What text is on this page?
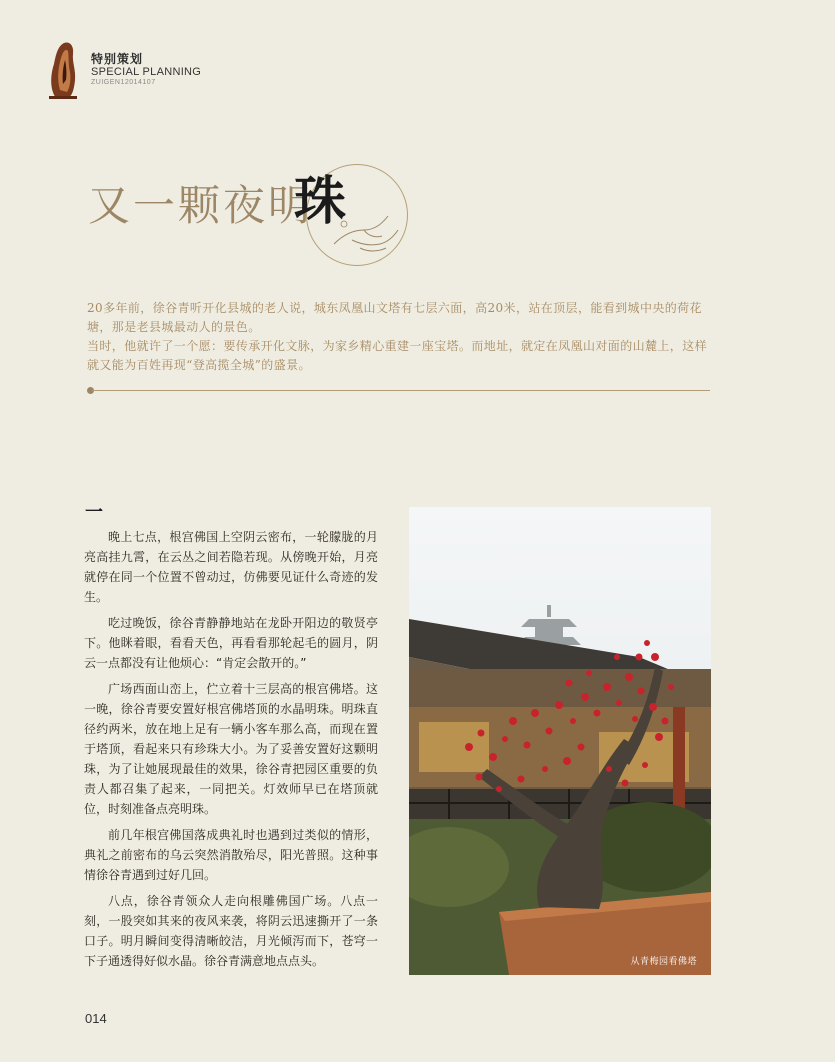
特别策划
SPECIAL PLANNING
ZUIGEN12014107
又一颗夜明
珠

20多年前，徐谷青听开化县城的老人说，城东凤凰山文塔有七层六面，高20米，站在顶层，能看到城中央的荷花塘，那是老县城最动人的景色。

当时，他就许了一个愿：要传承开化文脉，为家乡精心重建一座宝塔。而地址，就定在凤凰山对面的山麓上，这样就又能为百姓再现“登高揽全城”的盛景。

一

晚上七点，根宫佛国上空阴云密布，一轮朦胧的月亮高挂九霄，在云丛之间若隐若现。从傍晚开始，月亮就停在同一个位置不曾动过，仿佛要见证什么奇迹的发生。

吃过晚饭，徐谷青静静地站在龙卧开阳边的敬贤亭下。他眯着眼，看看天色，再看看那轮起毛的圆月，阴云一点都没有让他烦心：“肯定会散开的。”

广场西面山峦上，伫立着十三层高的根宫佛塔。这一晚，徐谷青要安置好根宫佛塔顶的水晶明珠。明珠直径约两米，放在地上足有一辆小客车那么高，而现在置于塔顶，看起来只有珍珠大小。为了妥善安置好这颗明珠，为了让她展现最佳的效果，徐谷青把园区重要的负责人都召集了起来，一同把关。灯效师早已在塔顶就位，时刻准备点亮明珠。

前几年根宫佛国落成典礼时也遇到过类似的情形，典礼之前密布的乌云突然消散殆尽，阳光普照。这种事情徐谷青遇到过好几回。

八点，徐谷青领众人走向根雕佛国广场。八点一刻，一股突如其来的夜风来袭，将阴云迅速撕开了一条口子。明月瞬间变得清晰皎洁，月光倾泻而下，苍穹一下子通透得好似水晶。徐谷青满意地点点头。	从青梅园看佛塔
014
